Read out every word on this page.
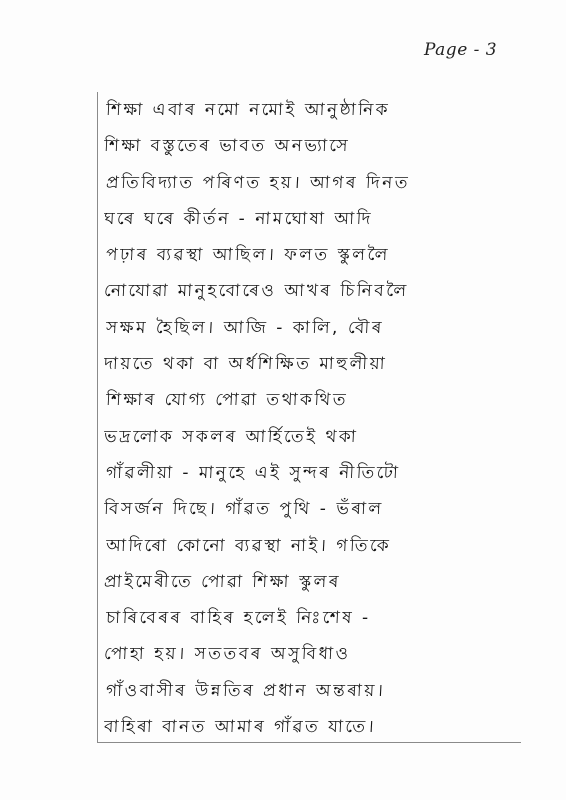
Page - 3
শিক্ষা এবাৰ নমো নমোই আনুষ্ঠানিক
শিক্ষা বস্তুতেৰ ভাবত অনভ্যাসে
প্ৰতিবিদ্যাত পৰিণত হয়। আগৰ দিনত
ঘৰে ঘৰে কীৰ্তন - নামঘোষা আদি
পঢ়াৰ ব্যৱস্থা আছিল। ফলত স্কুললৈ
নোযোৱা মানুহবোৰেও আখৰ চিনিবলৈ
সক্ষম হৈছিল। আজি - কালি, বৌৰ
দায়তে থকা বা অৰ্ধশিক্ষিত মাহুলীয়া
শিক্ষাৰ যোগ্য পোৱা তথাকথিত
ভদ্ৰলোক সকলৰ আৰ্হিতেই থকা
গাঁৱলীয়া - মানুহে এই সুন্দৰ নীতিটো
বিসৰ্জন দিছে। গাঁৱত পুথি - ভঁৰাল
আদিৰো কোনো ব্যৱস্থা নাই। গতিকে
প্ৰাইমেৰীতে পোৱা শিক্ষা স্কুলৰ
চাৰিবেৰৰ বাহিৰ হলেই নিঃশেষ -
পোহা হয়। সততবৰ অসুবিধাও
গাঁওবাসীৰ উন্নতিৰ প্ৰধান অন্তৰায়।
বাহিৰা বানত আমাৰ গাঁৱত যাতে।
